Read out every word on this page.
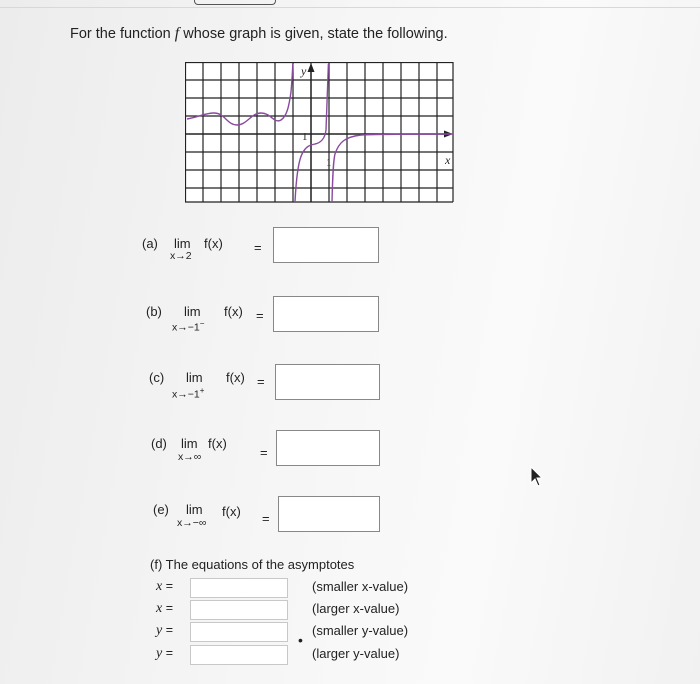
For the function f whose graph is given, state the following.
y
x
1
1
(a) lim
x→2
f(x) =
(b) lim
x→−1−
f(x) =
(c) lim
x→−1+
f(x) =
(d) lim
x→∞
f(x)
=
(e) lim
x→−∞
f(x) =
(f) The equations of the asymptotes
x =	(smaller x-value)
x =	(larger x-value)
y =	(smaller y-value)
y =	(larger y-value)
•
